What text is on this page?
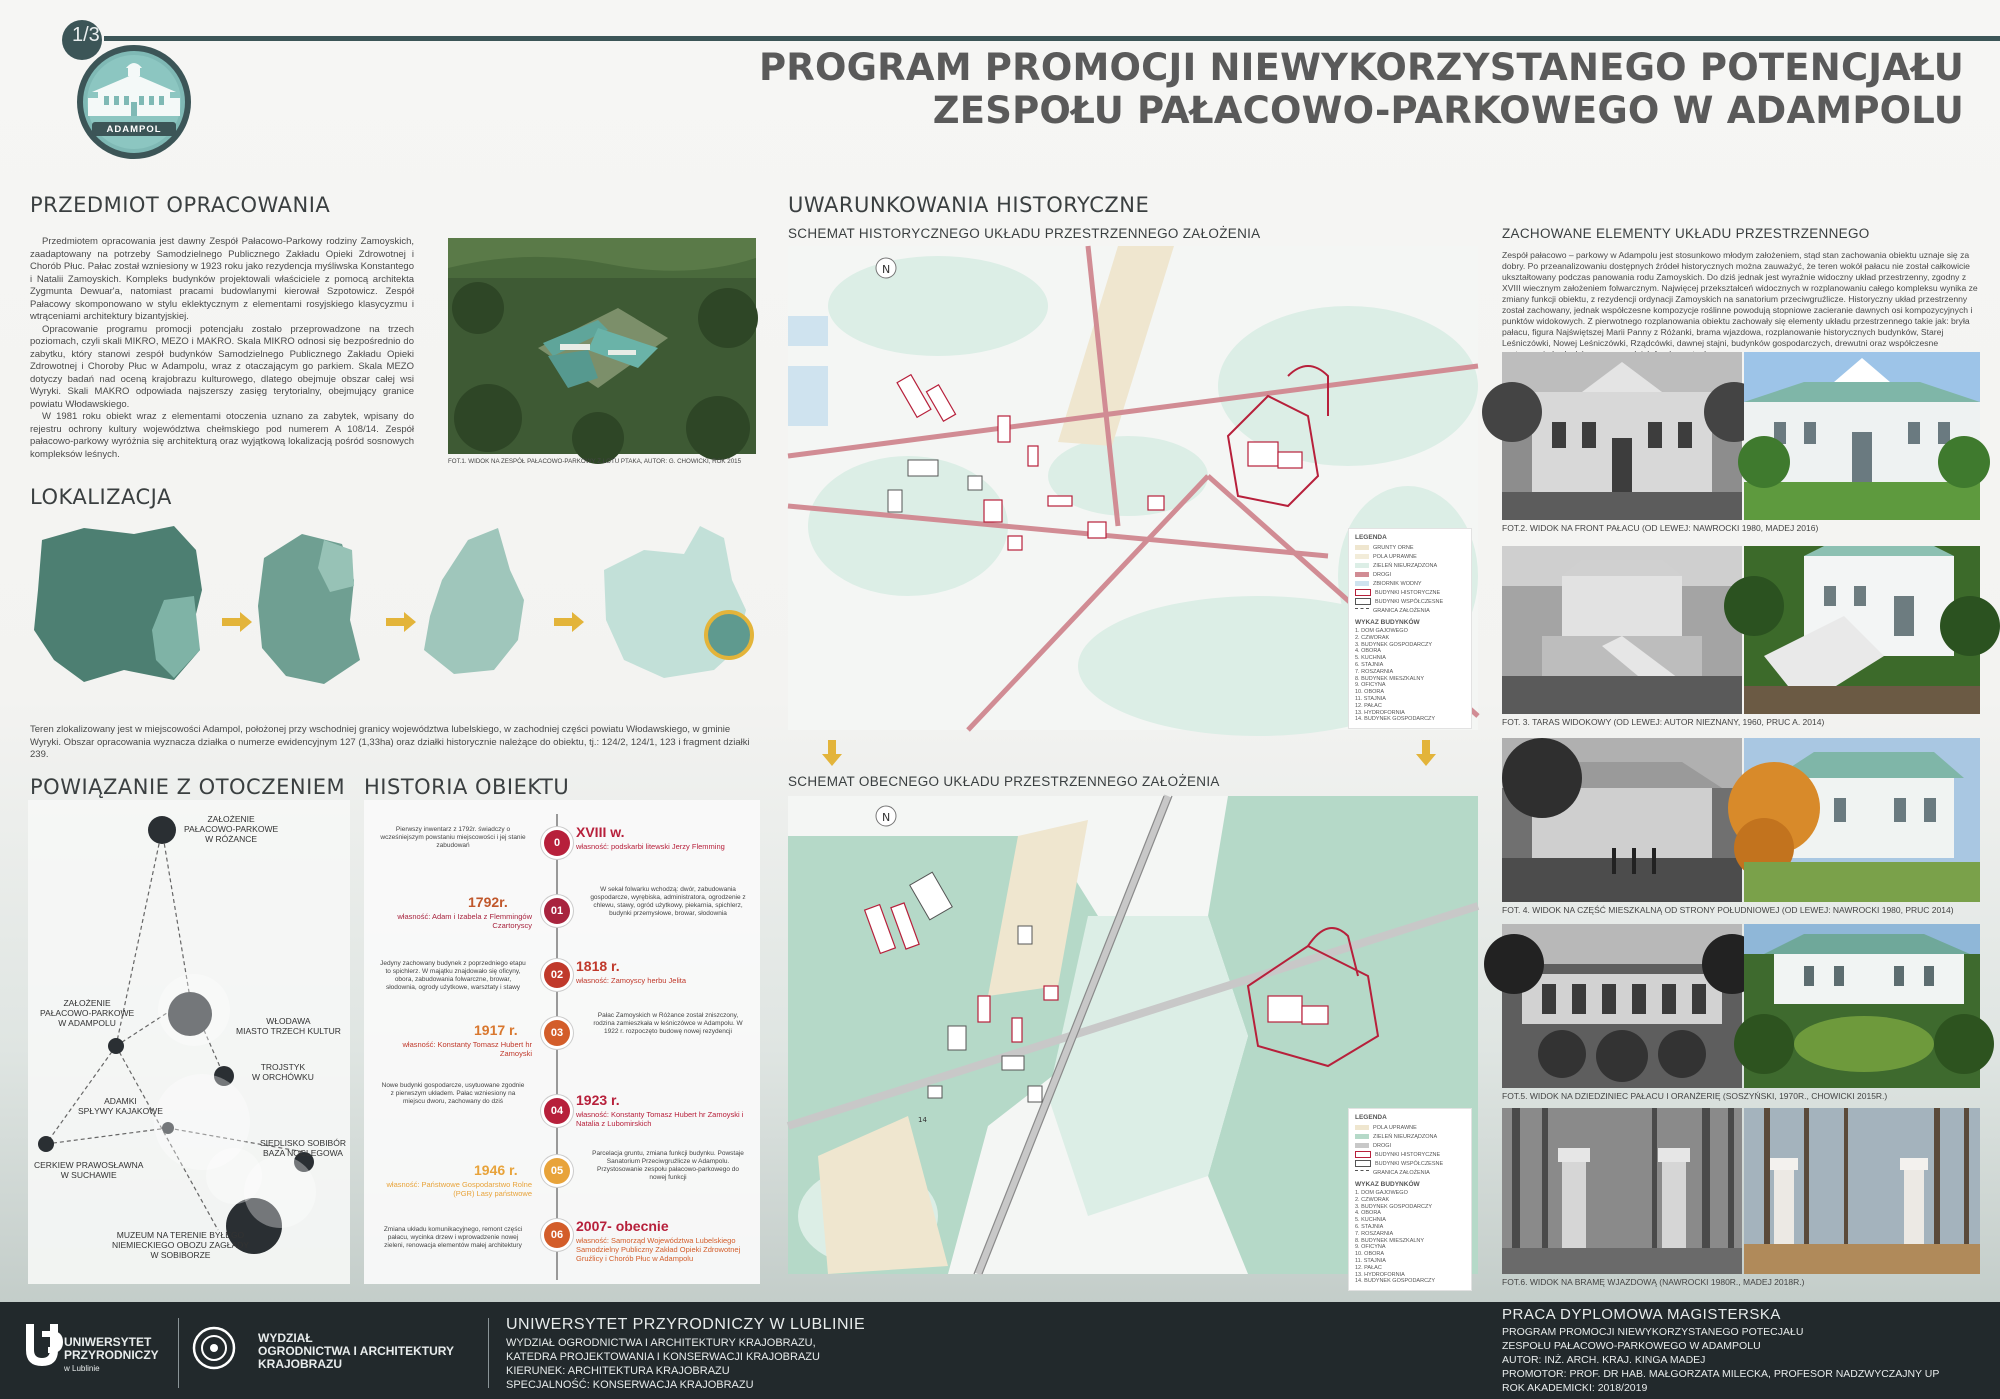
1/3
ADAMPOL
PROGRAM PROMOCJI NIEWYKORZYSTANEGO POTENCJAŁU
ZESPOŁU PAŁACOWO-PARKOWEGO W ADAMPOLU
PRZEDMIOT OPRACOWANIA
Przedmiotem opracowania jest dawny Zespół Pałacowo-Parkowy rodziny Zamoyskich, zaadaptowany na potrzeby Samodzielnego Publicznego Zakładu Opieki Zdrowotnej i Chorób Płuc. Pałac został wzniesiony w 1923 roku jako rezydencja myśliwska Konstantego i Natalii Zamoyskich. Kompleks budynków projektowali właściciele z pomocą architekta Zygmunta Dewuar'a, natomiast pracami budowlanymi kierował Szpotowicz. Zespół Pałacowy skomponowano w stylu eklektycznym z elementami rosyjskiego klasycyzmu i wtrąceniami architektury bizantyjskiej.
Opracowanie programu promocji potencjału zostało przeprowadzone na trzech poziomach, czyli skali MIKRO, MEZO i MAKRO. Skala MIKRO odnosi się bezpośrednio do zabytku, który stanowi zespół budynków Samodzielnego Publicznego Zakładu Opieki Zdrowotnej i Choroby Płuc w Adampolu, wraz z otaczającym go parkiem. Skala MEZO dotyczy badań nad oceną krajobrazu kulturowego, dlatego obejmuje obszar całej wsi Wyryki. Skali MAKRO odpowiada najszerszy zasięg terytorialny, obejmujący granice powiatu Włodawskiego.
W 1981 roku obiekt wraz z elementami otoczenia uznano za zabytek, wpisany do rejestru ochrony kultury województwa chełmskiego pod numerem A 108/14. Zespół pałacowo-parkowy wyróżnia się architekturą oraz wyjątkową lokalizacją pośród sosnowych kompleksów leśnych.
FOT.1. WIDOK NA ZESPÓŁ PAŁACOWO-PARKOWY Z LOTU PTAKA, AUTOR: G. CHOWICKI, ROK 2015
LOKALIZACJA
Teren zlokalizowany jest w miejscowości Adampol, położonej przy wschodniej granicy województwa lubelskiego, w zachodniej części powiatu Włodawskiego, w gminie Wyryki. Obszar opracowania wyznacza działka o numerze ewidencyjnym 127 (1,33ha) oraz działki historycznie należące do obiektu, tj.: 124/2, 124/1, 123 i fragment działki 239.
POWIĄZANIE Z OTOCZENIEM
ZAŁOŻENIE
PAŁACOWO-PARKOWE
W RÓŻANCE
ZAŁOŻENIE
PAŁACOWO-PARKOWE
W ADAMPOLU	WŁODAWA
MIASTO TRZECH KULTUR
TROJSTYK
W ORCHÓWKU
ADAMKI
SPŁYWY KAJAKOWE
SIEDLISKO SOBIBÓR
BAZA NOCLEGOWA
CERKIEW PRAWOSŁAWNA
W SUCHAWIE
MUZEUM NA TERENIE BYŁEGO
NIEMIECKIEGO OBOZU ZAGŁADY
W SOBIBORZE
HISTORIA OBIEKTU
0
Pierwszy inwentarz z 1792r. świadczy o wcześniejszym powstaniu miejscowości i jej stanie zabudowań
XVIII w.
własność: podskarbi litewski Jerzy Flemming
01
1792r.
własność: Adam i Izabela z Flemmingów Czartoryscy
W sekał folwarku wchodzą: dwór, zabudowania gospodarcze, wyrębiska, administratora, ogrodzenie z chlewu, stawy, ogród użytkowy, piekarnia, spichlerz, budynki przemysłowe, browar, słodownia
02
1818 r.
własność: Zamoyscy herbu Jelita
Jedyny zachowany budynek z poprzedniego etapu to spichlerz. W majątku znajdowało się oficyny, obora, zabudowania folwarczne, browar, słodownia, ogrody użytkowe, warsztaty i stawy
03
1917 r.
własność: Konstanty Tomasz Hubert hr Zamoyski
Pałac Zamoyskich w Różance został zniszczony, rodzina zamieszkała w leśniczówce w Adampolu. W 1922 r. rozpoczęto budowę nowej rezydencji
04
1923 r.
własność: Konstanty Tomasz Hubert hr Zamoyski i Natalia z Lubomirskich
Nowe budynki gospodarcze, usytuowane zgodnie z pierwszym układem. Pałac wzniesiony na miejscu dworu, zachowany do dziś
05
1946 r.
własność: Państwowe Gospodarstwo Rolne (PGR) Lasy państwowe
Parcelacja gruntu, zmiana funkcji budynku. Powstaje Sanatorium Przeciwgruźlicze w Adampolu. Przystosowanie zespołu pałacowo-parkowego do nowej funkcji
06
2007- obecnie
własność: Samorząd Województwa Lubelskiego Samodzielny Publiczny Zakład Opieki Zdrowotnej Gruźlicy i Chorób Płuc w Adampolu
Zmiana układu komunikacyjnego, remont części pałacu, wycinka drzew i wprowadzenie nowej zieleni, renowacja elementów małej architektury
UWARUNKOWANIA HISTORYCZNE
SCHEMAT HISTORYCZNEGO UKŁADU PRZESTRZENNEGO ZAŁOŻENIA
N
LEGENDA
GRUNTY ORNE
POLA UPRAWNE
ZIELEŃ NIEURZĄDZONA
DROGI
ZBIORNIK WODNY
BUDYNKI HISTORYCZNE
BUDYNKI WSPÓŁCZESNE
GRANICA ZAŁOŻENIA
WYKAZ BUDYNKÓW
1. DOM GAJOWEGO
2. CZWORAK
3. BUDYNEK GOSPODARCZY
4. OBORA
5. KUCHNIA
6. STAJNIA
7. ROSZARNIA
8. BUDYNEK MIESZKALNY
9. OFICYNA
10. OBORA
11. STAJNIA
12. PAŁAC
13. HYDROFORNIA
14. BUDYNEK GOSPODARCZY
SCHEMAT OBECNEGO UKŁADU PRZESTRZENNEGO ZAŁOŻENIA
N
14	LEGENDA
POLA UPRAWNE
ZIELEŃ NIEURZĄDZONA
DROGI
BUDYNKI HISTORYCZNE
BUDYNKI WSPÓŁCZESNE
GRANICA ZAŁOŻENIA
WYKAZ BUDYNKÓW
1. DOM GAJOWEGO
2. CZWORAK
3. BUDYNEK GOSPODARCZY
4. OBORA
5. KUCHNIA
6. STAJNIA
7. ROSZARNIA
8. BUDYNEK MIESZKALNY
9. OFICYNA
10. OBORA
11. STAJNIA
12. PAŁAC
13. HYDROFORNIA
14. BUDYNEK GOSPODARCZY
ZACHOWANE ELEMENTY UKŁADU PRZESTRZENNEGO
Zespół pałacowo – parkowy w Adampolu jest stosunkowo młodym założeniem, stąd stan zachowania obiektu uznaje się za dobry. Po przeanalizowaniu dostępnych źródeł historycznych można zauważyć, że teren wokół pałacu nie został całkowicie ukształtowany podczas panowania rodu Zamoyskich. Do dziś jednak jest wyraźnie widoczny układ przestrzenny, zgodny z XVIII wiecznym założeniem folwarcznym. Najwięcej przekształceń widocznych w rozplanowaniu całego kompleksu wynika ze zmiany funkcji obiektu, z rezydencji ordynacji Zamoyskich na sanatorium przeciwgruźlicze. Historyczny układ przestrzenny został zachowany, jednak współczesne kompozycje roślinne powodują stopniowe zacieranie dawnych osi kompozycyjnych i punktów widokowych. Z pierwotnego rozplanowania obiektu zachowały się elementy układu przestrzennego takie jak: bryła pałacu, figura Najświętszej Marii Panny z Różanki, brama wjazdowa, rozplanowanie historycznych budynków, Starej Leśniczówki, Nowej Leśniczówki, Rządcówki, dawnej stajni, budynków gospodarczych, drewutni oraz współczesne
FOT.2. WIDOK NA FRONT PAŁACU (OD LEWEJ: NAWROCKI 1980, MADEJ 2016)
FOT. 3. TARAS WIDOKOWY (OD LEWEJ: AUTOR NIEZNANY, 1960, PRUC A. 2014)
FOT. 4. WIDOK NA CZĘŚĆ MIESZKALNĄ OD STRONY POŁUDNIOWEJ (OD LEWEJ: NAWROCKI 1980, PRUC 2014)
FOT.5. WIDOK NA DZIEDZINIEC PAŁACU I ORANŻERIĘ (SOSZYŃSKI, 1970R., CHOWICKI 2015R.)
FOT.6. WIDOK NA BRAMĘ WJAZDOWĄ (NAWROCKI 1980R., MADEJ 2018R.)
UNIWERSYTET
PRZYRODNICZY
w Lublinie
WYDZIAŁ
OGRODNICTWA I ARCHITEKTURY
KRAJOBRAZU
UNIWERSYTET PRZYRODNICZY W LUBLINIE
WYDZIAŁ OGRODNICTWA I ARCHITEKTURY KRAJOBRAZU,
KATEDRA PROJEKTOWANIA I KONSERWACJI KRAJOBRAZU
KIERUNEK: ARCHITEKTURA KRAJOBRAZU
SPECJALNOŚĆ: KONSERWACJA KRAJOBRAZU
PRACA DYPLOMOWA MAGISTERSKA
PROGRAM PROMOCJI NIEWYKORZYSTANEGO POTECJAŁU
ZESPOŁU PAŁACOWO-PARKOWEGO W ADAMPOLU
AUTOR: INŻ. ARCH. KRAJ. KINGA MADEJ
PROMOTOR: PROF. DR HAB. MAŁGORZATA MILECKA, PROFESOR NADZWYCZAJNY UP
ROK AKADEMICKI: 2018/2019
